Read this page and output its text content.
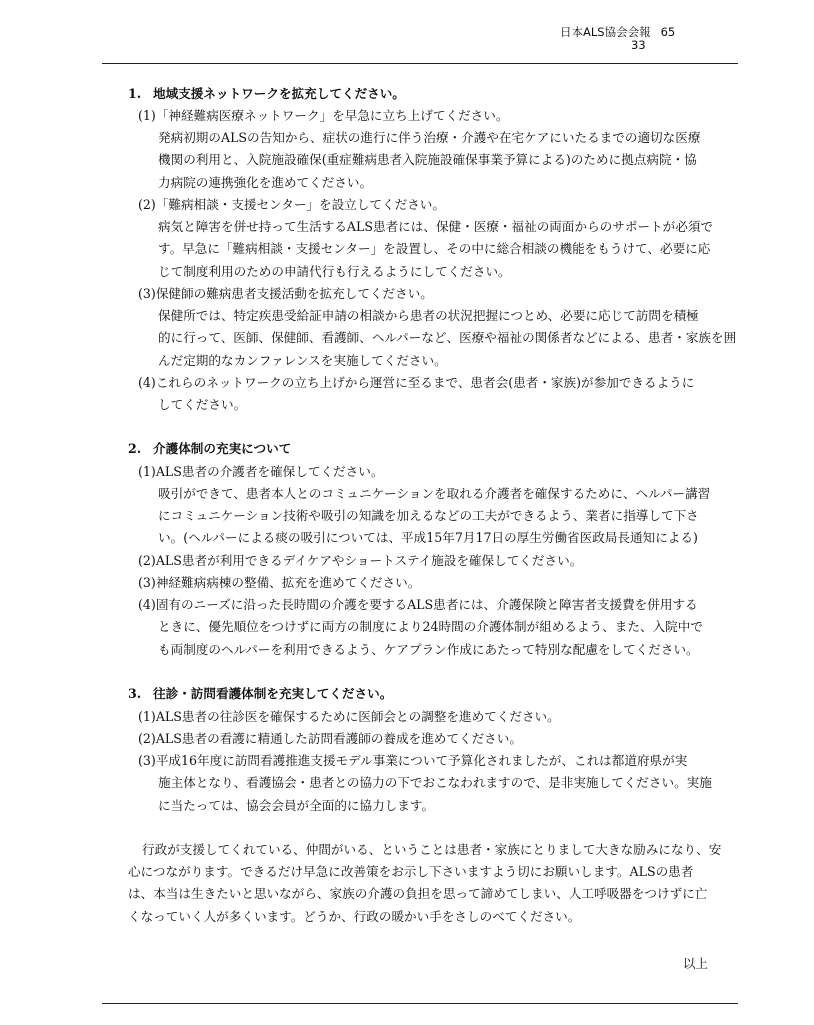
日本ALS協会会報 65
33
1. 地域支援ネットワークを拡充してください。
(1)「神経難病医療ネットワーク」を早急に立ち上げてください。
発病初期のALSの告知から、症状の進行に伴う治療・介護や在宅ケアにいたるまでの適切な医療
機関の利用と、入院施設確保(重症難病患者入院施設確保事業予算による)のために拠点病院・協
力病院の連携強化を進めてください。
(2)「難病相談・支援センター」を設立してください。
病気と障害を併せ持って生活するALS患者には、保健・医療・福祉の両面からのサポートが必須で
す。早急に「難病相談・支援センター」を設置し、その中に総合相談の機能をもうけて、必要に応
じて制度利用のための申請代行も行えるようにしてください。
(3)保健師の難病患者支援活動を拡充してください。
保健所では、特定疾患受給証申請の相談から患者の状況把握につとめ、必要に応じて訪問を積極
的に行って、医師、保健師、看護師、ヘルパーなど、医療や福祉の関係者などによる、患者・家族を囲
んだ定期的なカンファレンスを実施してください。
(4)これらのネットワークの立ち上げから運営に至るまで、患者会(患者・家族)が参加できるように
してください。
2. 介護体制の充実について
(1)ALS患者の介護者を確保してください。
吸引ができて、患者本人とのコミュニケーションを取れる介護者を確保するために、ヘルパー講習
にコミュニケーション技術や吸引の知識を加えるなどの工夫ができるよう、業者に指導して下さ
い。(ヘルパーによる痰の吸引については、平成15年7月17日の厚生労働省医政局長通知による)
(2)ALS患者が利用できるデイケアやショートステイ施設を確保してください。
(3)神経難病病棟の整備、拡充を進めてください。
(4)固有のニーズに沿った長時間の介護を要するALS患者には、介護保険と障害者支援費を併用する
ときに、優先順位をつけずに両方の制度により24時間の介護体制が組めるよう、また、入院中で
も両制度のヘルパーを利用できるよう、ケアプラン作成にあたって特別な配慮をしてください。
3. 往診・訪問看護体制を充実してください。
(1)ALS患者の往診医を確保するために医師会との調整を進めてください。
(2)ALS患者の看護に精通した訪問看護師の養成を進めてください。
(3)平成16年度に訪問看護推進支援モデル事業について予算化されましたが、これは都道府県が実
施主体となり、看護協会・患者との協力の下でおこなわれますので、是非実施してください。実施
に当たっては、協会会員が全面的に協力します。
行政が支援してくれている、仲間がいる、ということは患者・家族にとりまして大きな励みになり、安
心につながります。できるだけ早急に改善策をお示し下さいますよう切にお願いします。ALSの患者
は、本当は生きたいと思いながら、家族の介護の負担を思って諦めてしまい、人工呼吸器をつけずに亡
くなっていく人が多くいます。どうか、行政の暖かい手をさしのべてください。
以上
